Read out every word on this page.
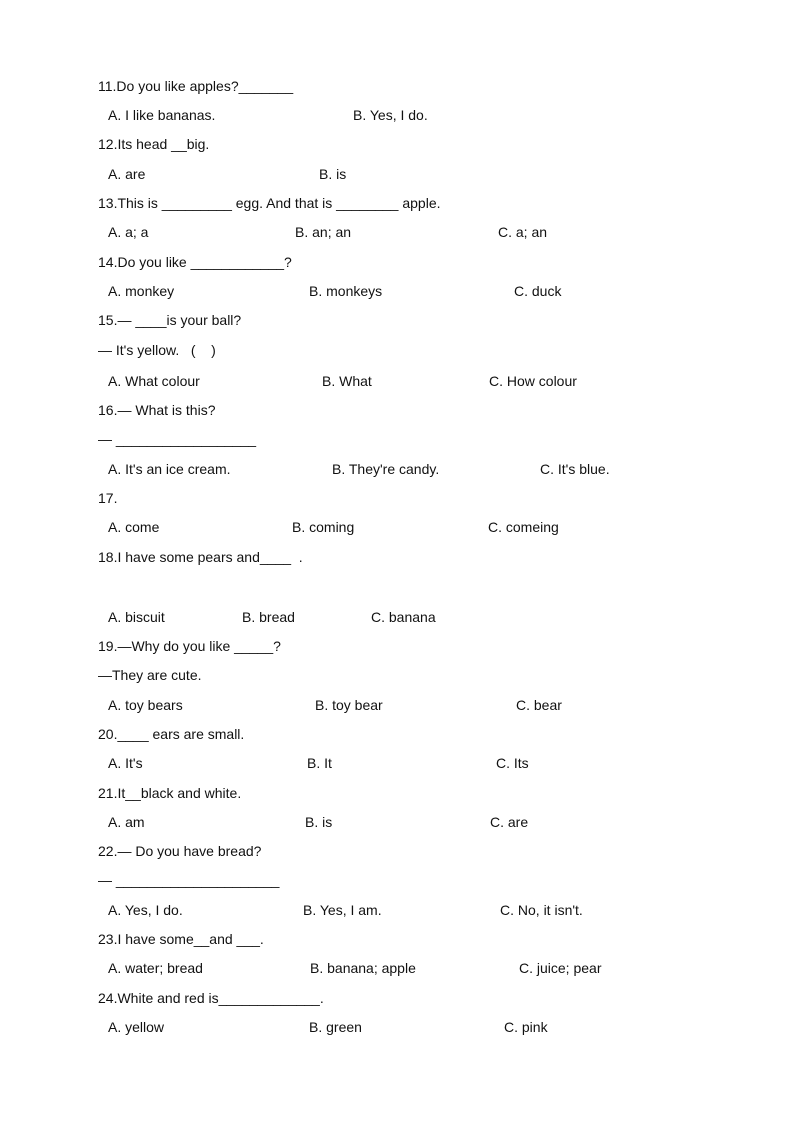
11.Do you like apples?_______
A. I like bananas.	B. Yes, I do.
12.Its head __big.
A. are	B. is
13.This is _________ egg. And that is ________ apple.
A. a; a	B. an; an	C. a; an
14.Do you like ____________?
A. monkey	B. monkeys	C. duck
15.— ____is your ball?
— It's yellow.   (    )
A. What colour	B. What	C. How colour
16.— What is this?
— __________________
A. It's an ice cream.	B. They're candy.	C. It's blue.
17.
A. come	B. coming	C. comeing
18.I have some pears and____  .
A. biscuit	B. bread	C. banana
19.—Why do you like _____?
—They are cute.
A. toy bears	B. toy bear	C. bear
20.____ ears are small.
A. It's	B. It	C. Its
21.It__black and white.
A. am	B. is	C. are
22.— Do you have bread?
— _____________________
A. Yes, I do.	B. Yes, I am.	C. No, it isn't.
23.I have some__and ___.
A. water; bread	B. banana; apple	C. juice; pear
24.White and red is_____________.
A. yellow	B. green	C. pink
